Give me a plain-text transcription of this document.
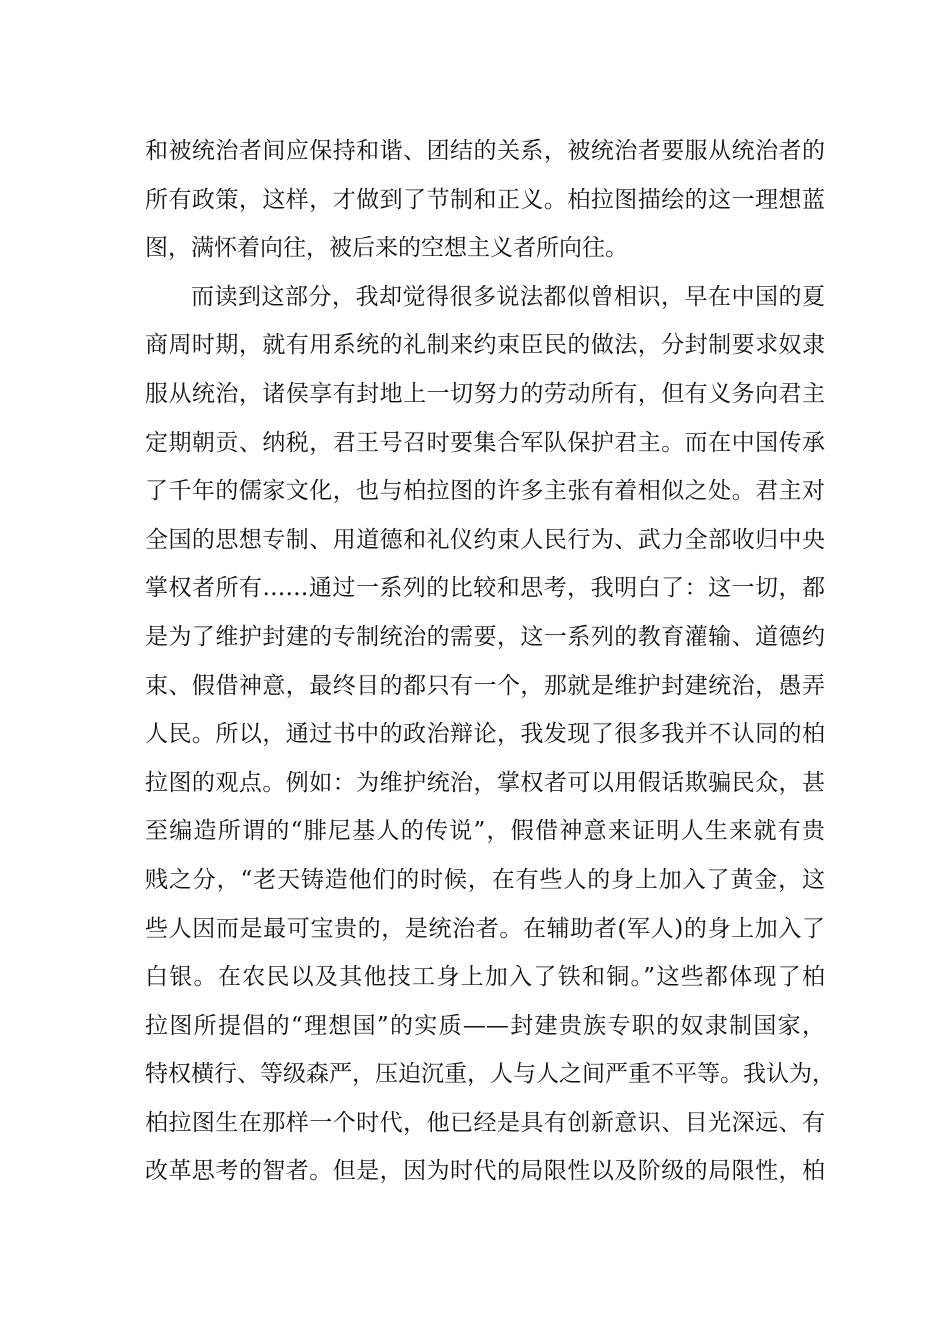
和被统治者间应保持和谐、团结的关系，被统治者要服从统治者的
所有政策，这样，才做到了节制和正义。柏拉图描绘的这一理想蓝
图，满怀着向往，被后来的空想主义者所向往。
而读到这部分，我却觉得很多说法都似曾相识，早在中国的夏
商周时期，就有用系统的礼制来约束臣民的做法，分封制要求奴隶
服从统治，诸侯享有封地上一切努力的劳动所有，但有义务向君主
定期朝贡、纳税，君王号召时要集合军队保护君主。而在中国传承
了千年的儒家文化，也与柏拉图的许多主张有着相似之处。君主对
全国的思想专制、用道德和礼仪约束人民行为、武力全部收归中央
掌权者所有……通过一系列的比较和思考，我明白了：这一切，都
是为了维护封建的专制统治的需要，这一系列的教育灌输、道德约
束、假借神意，最终目的都只有一个，那就是维护封建统治，愚弄
人民。所以，通过书中的政治辩论，我发现了很多我并不认同的柏
拉图的观点。例如：为维护统治，掌权者可以用假话欺骗民众，甚
至编造所谓的“腓尼基人的传说”，假借神意来证明人生来就有贵
贱之分，“老天铸造他们的时候，在有些人的身上加入了黄金，这
些人因而是最可宝贵的，是统治者。在辅助者(军人)的身上加入了
白银。在农民以及其他技工身上加入了铁和铜。”这些都体现了柏
拉图所提倡的“理想国”的实质——封建贵族专职的奴隶制国家，
特权横行、等级森严，压迫沉重，人与人之间严重不平等。我认为，
柏拉图生在那样一个时代，他已经是具有创新意识、目光深远、有
改革思考的智者。但是，因为时代的局限性以及阶级的局限性，柏
